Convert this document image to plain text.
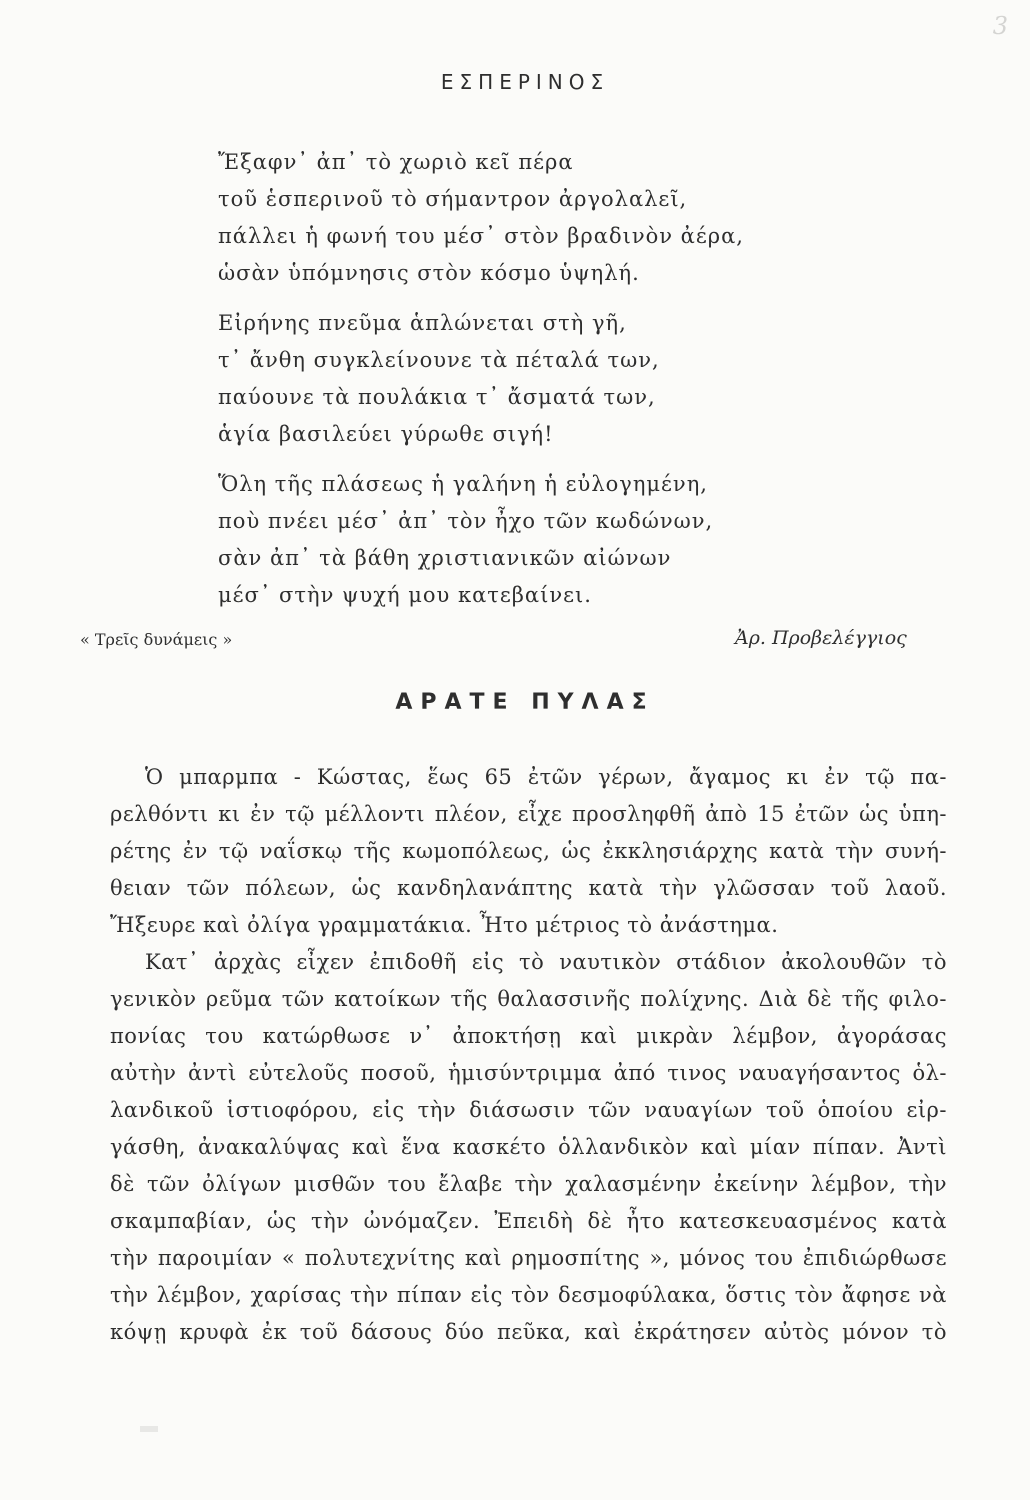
3
ΕΣΠΕΡΙΝΟΣ
Ἔξαφν᾿ ἀπ᾿ τὸ χωριὸ κεῖ πέρα
τοῦ ἑσπερινοῦ τὸ σήμαντρον ἀργολαλεῖ,
πάλλει ἡ φωνή του μέσ᾿ στὸν βραδινὸν ἀέρα,
ὡσὰν ὑπόμνησις στὸν κόσμο ὑψηλή.
Εἰρήνης πνεῦμα ἁπλώνεται στὴ γῆ,
τ᾿ ἄνθη συγκλείνουνε τὰ πέταλά των,
παύουνε τὰ πουλάκια τ᾿ ἄσματά των,
ἁγία βασιλεύει γύρωθε σιγή!
Ὅλη τῆς πλάσεως ἡ γαλήνη ἡ εὐλογημένη,
ποὺ πνέει μέσ᾿ ἀπ᾿ τὸν ἦχο τῶν κωδώνων,
σὰν ἀπ᾿ τὰ βάθη χριστιανικῶν αἰώνων
μέσ᾿ στὴν ψυχή μου κατεβαίνει.
« Τρεῖς δυνάμεις »	Ἀρ. Προβελέγγιος
ΑΡΑΤΕ ΠΥΛΑΣ
Ὁ μπαρμπα - Κώστας, ἕως 65 ἐτῶν γέρων, ἄγαμος κι ἐν τῷ πα-
ρελθόντι κι ἐν τῷ μέλλοντι πλέον, εἶχε προσληφθῆ ἀπὸ 15 ἐτῶν ὡς ὑπη-
ρέτης ἐν τῷ ναΐσκῳ τῆς κωμοπόλεως, ὡς ἐκκλησιάρχης κατὰ τὴν συνή-
θειαν τῶν πόλεων, ὡς κανδηλανάπτης κατὰ τὴν γλῶσσαν τοῦ λαοῦ.
Ἤξευρε καὶ ὀλίγα γραμματάκια. Ἦτο μέτριος τὸ ἀνάστημα.
Κατ᾿ ἀρχὰς εἶχεν ἐπιδοθῆ εἰς τὸ ναυτικὸν στάδιον ἀκολουθῶν τὸ
γενικὸν ρεῦμα τῶν κατοίκων τῆς θαλασσινῆς πολίχνης. Διὰ δὲ τῆς φιλο-
πονίας του κατώρθωσε ν᾿ ἀποκτήσῃ καὶ μικρὰν λέμβον, ἀγοράσας
αὐτὴν ἀντὶ εὐτελοῦς ποσοῦ, ἡμισύντριμμα ἀπό τινος ναυαγήσαντος ὁλ-
λανδικοῦ ἱστιοφόρου, εἰς τὴν διάσωσιν τῶν ναυαγίων τοῦ ὁποίου εἰρ-
γάσθη, ἀνακαλύψας καὶ ἕνα κασκέτο ὁλλανδικὸν καὶ μίαν πίπαν. Ἀντὶ
δὲ τῶν ὀλίγων μισθῶν του ἔλαβε τὴν χαλασμένην ἐκείνην λέμβον, τὴν
σκαμπαβίαν, ὡς τὴν ὠνόμαζεν. Ἐπειδὴ δὲ ἦτο κατεσκευασμένος κατὰ
τὴν παροιμίαν « πολυτεχνίτης καὶ ρημοσπίτης », μόνος του ἐπιδιώρθωσε
τὴν λέμβον, χαρίσας τὴν πίπαν εἰς τὸν δεσμοφύλακα, ὅστις τὸν ἄφησε νὰ
κόψῃ κρυφὰ ἐκ τοῦ δάσους δύο πεῦκα, καὶ ἐκράτησεν αὐτὸς μόνον τὸ
